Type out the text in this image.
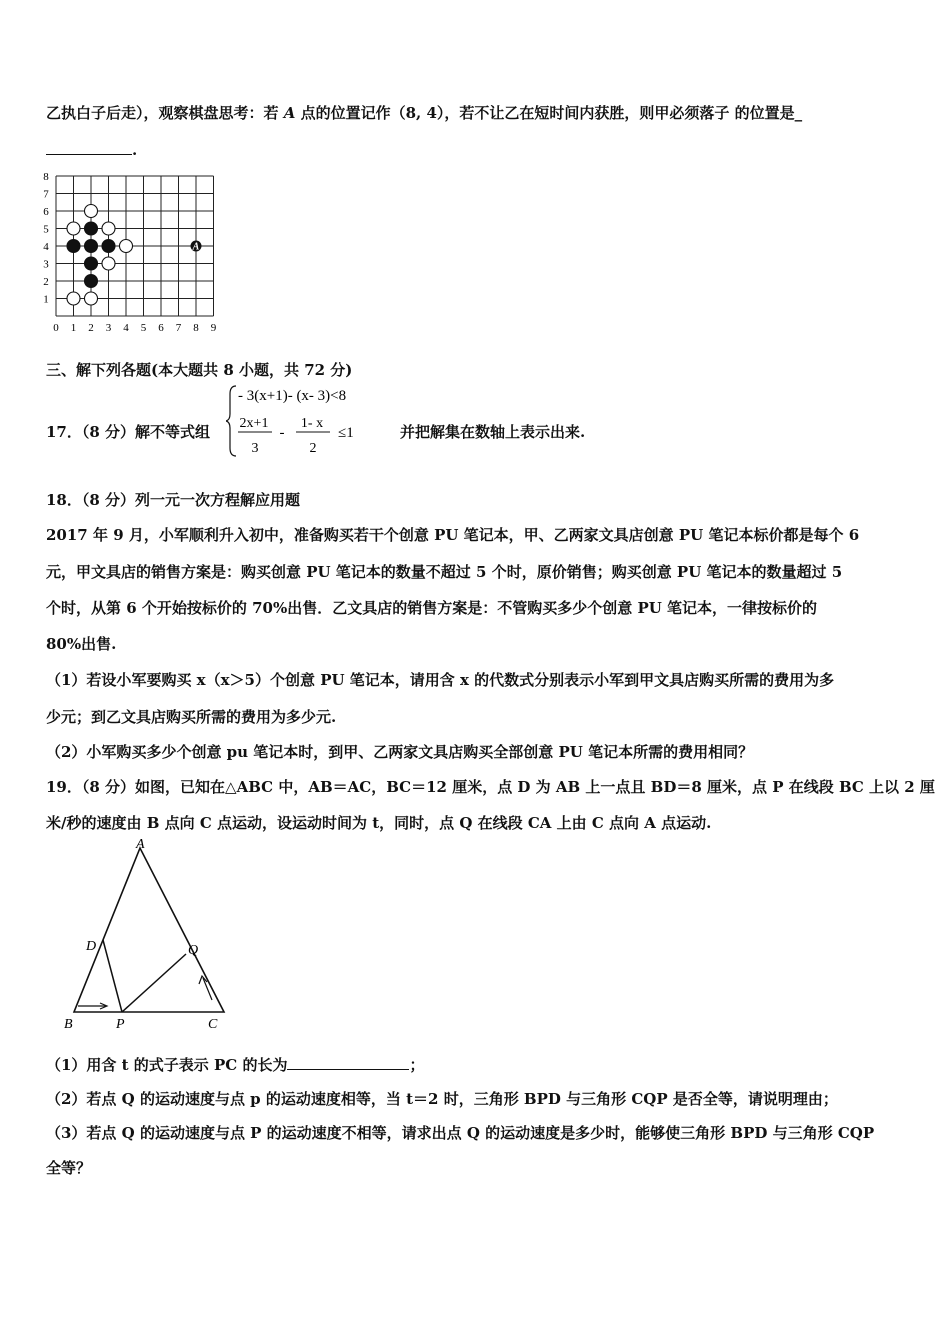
乙执白子后走），观察棋盘思考：若 A 点的位置记作（8, 4），若不让乙在短时间内获胜，则甲必须落子 的位置是_
.
0 1 2 3 4 5 6 7 8 9
1
2
3
4
5
6
7
8
A
三、解下列各题(本大题共 8 小题，共 72 分)
17．（8 分）解不等式组
- 3(x+1)- (x- 3)<8
2x+1
3
-
1- x
2
≤1	并把解集在数轴上表示出来.
18．（8 分）列一元一次方程解应用题
2017 年 9 月，小军顺利升入初中，准备购买若干个创意 PU 笔记本，甲、乙两家文具店创意 PU 笔记本标价都是每个 6
元，甲文具店的销售方案是：购买创意 PU 笔记本的数量不超过 5 个时，原价销售；购买创意 PU 笔记本的数量超过 5
个时，从第 6 个开始按标价的 70%出售．乙文具店的销售方案是：不管购买多少个创意 PU 笔记本，一律按标价的
80%出售.
（1）若设小军要购买 x（x＞5）个创意 PU 笔记本，请用含 x 的代数式分别表示小军到甲文具店购买所需的费用为多
少元；到乙文具店购买所需的费用为多少元.
（2）小军购买多少个创意 pu 笔记本时，到甲、乙两家文具店购买全部创意 PU 笔记本所需的费用相同？
19．（8 分）如图，已知在△ABC 中，AB＝AC，BC＝12 厘米，点 D 为 AB 上一点且 BD＝8 厘米，点 P 在线段 BC 上以 2 厘
米/秒的速度由 B 点向 C 点运动，设运动时间为 t，同时，点 Q 在线段 CA 上由 C 点向 A 点运动.
A
B	C
D
P
Q
（1）用含 t 的式子表示 PC 的长为	；
（2）若点 Q 的运动速度与点 p 的运动速度相等，当 t＝2 时，三角形 BPD 与三角形 CQP 是否全等，请说明理由；
（3）若点 Q 的运动速度与点 P 的运动速度不相等，请求出点 Q 的运动速度是多少时，能够使三角形 BPD 与三角形 CQP
全等？
